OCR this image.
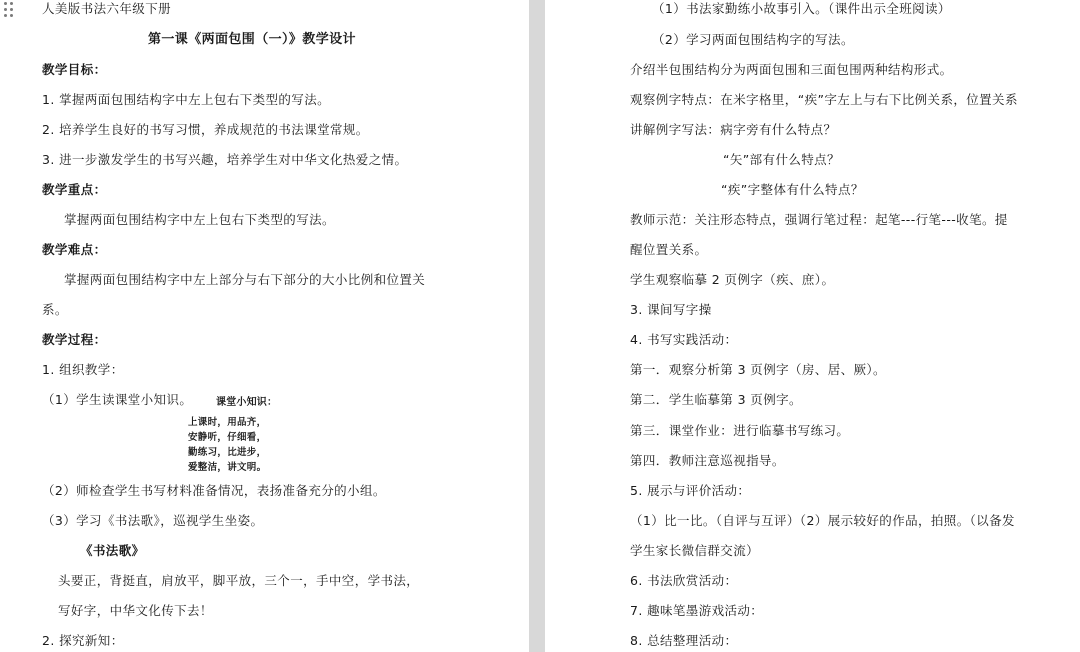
人美版书法六年级下册
第一课《两面包围（一）》教学设计
教学目标：
1. 掌握两面包围结构字中左上包右下类型的写法。
2. 培养学生良好的书写习惯，养成规范的书法课堂常规。
3. 进一步激发学生的书写兴趣，培养学生对中华文化热爱之情。
教学重点：
掌握两面包围结构字中左上包右下类型的写法。
教学难点：
掌握两面包围结构字中左上部分与右下部分的大小比例和位置关
系。
教学过程：
1. 组织教学：
（1）学生读课堂小知识。 课堂小知识：
上课时，用品齐，
安静听，仔细看，
勤练习，比进步，
爱整洁，讲文明。
（2）师检查学生书写材料准备情况，表扬准备充分的小组。
（3）学习《书法歌》，巡视学生坐姿。
《书法歌》
头要正，背挺直，肩放平，脚平放，三个一，手中空，学书法，
写好字，中华文化传下去！
2. 探究新知：
（1）书法家勤练小故事引入。（课件出示全班阅读）
（2）学习两面包围结构字的写法。
介绍半包围结构分为两面包围和三面包围两种结构形式。
观察例字特点：在米字格里，“疾”字左上与右下比例关系，位置关系
讲解例字写法：病字旁有什么特点？
“矢”部有什么特点？
“疾”字整体有什么特点？
教师示范：关注形态特点，强调行笔过程：起笔---行笔---收笔。提
醒位置关系。
学生观察临摹 2 页例字（疾、庶）。
3. 课间写字操
4. 书写实践活动：
第一．观察分析第 3 页例字（房、居、厥）。
第二．学生临摹第 3 页例字。
第三．课堂作业：进行临摹书写练习。
第四．教师注意巡视指导。
5. 展示与评价活动：
（1）比一比。（自评与互评）（2）展示较好的作品，拍照。（以备发
学生家长微信群交流）
6. 书法欣赏活动：
7. 趣味笔墨游戏活动：
8. 总结整理活动：
